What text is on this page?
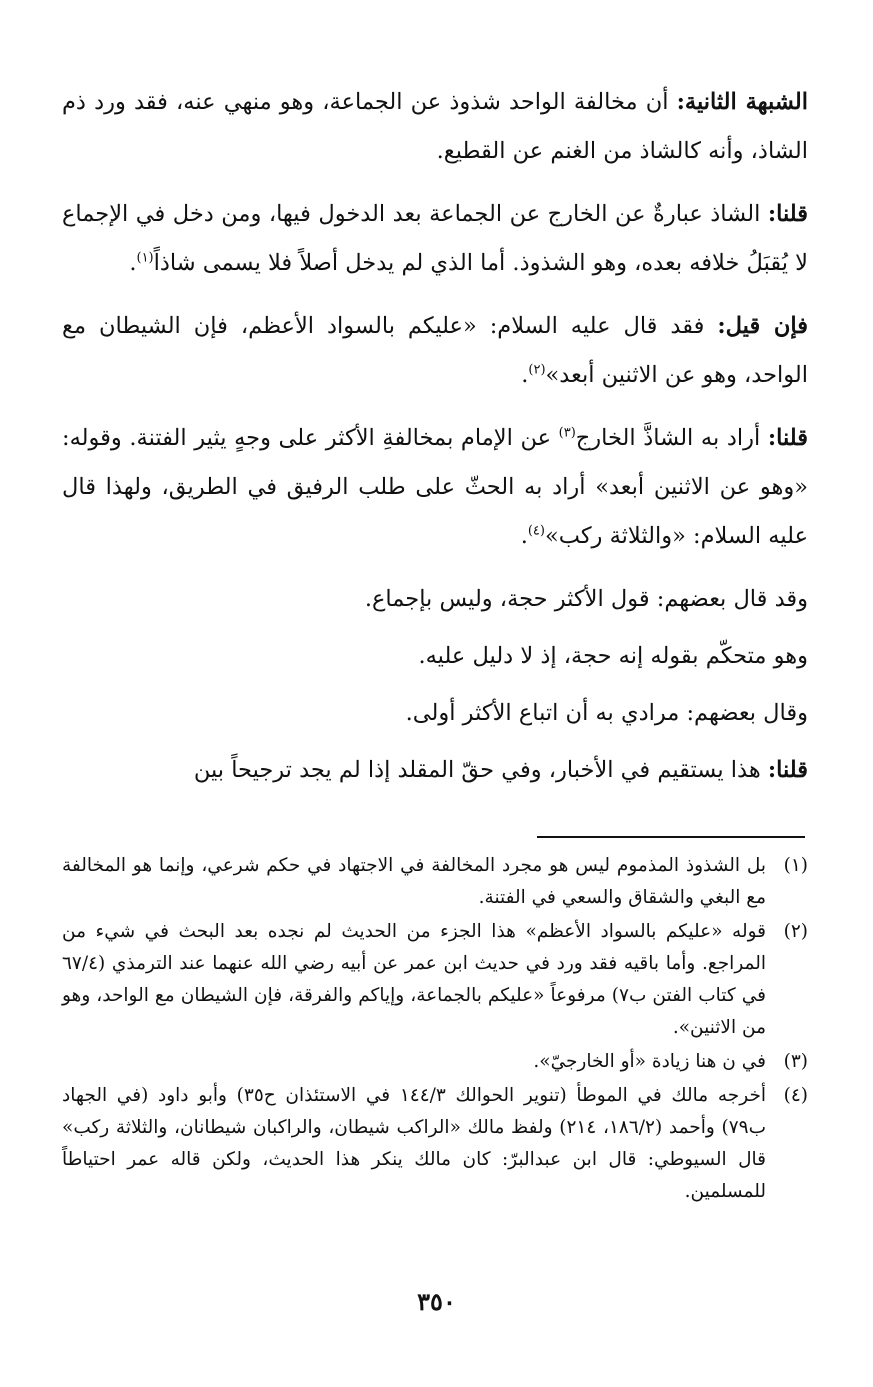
الشبهة الثانية: أن مخالفة الواحد شذوذ عن الجماعة، وهو منهي عنه، فقد ورد ذم الشاذ، وأنه كالشاذ من الغنم عن القطيع.

قلنا: الشاذ عبارةٌ عن الخارج عن الجماعة بعد الدخول فيها، ومن دخل في الإجماع لا يُقبَلُ خلافه بعده، وهو الشذوذ. أما الذي لم يدخل أصلاً فلا يسمى شاذاً$^{(١)}$.

فإن قيل: فقد قال عليه السلام: «عليكم بالسواد الأعظم، فإن الشيطان مع الواحد، وهو عن الاثنين أبعد»$^{(٢)}$.

قلنا: أراد به الشاذَّ الخارج$^{(٣)}$ عن الإمام بمخالفةِ الأكثر على وجهٍ يثير الفتنة. وقوله: «وهو عن الاثنين أبعد» أراد به الحثّ على طلب الرفيق في الطريق، ولهذا قال عليه السلام: «والثلاثة ركب»$^{(٤)}$.

وقد قال بعضهم: قول الأكثر حجة، وليس بإجماع.

وهو متحكّم بقوله إنه حجة، إذ لا دليل عليه.

وقال بعضهم: مرادي به أن اتباع الأكثر أولى.

قلنا: هذا يستقيم في الأخبار، وفي حقّ المقلد إذا لم يجد ترجيحاً بين

(١)
بل الشذوذ المذموم ليس هو مجرد المخالفة في الاجتهاد في حكم شرعي، وإنما هو المخالفة مع البغي والشقاق والسعي في الفتنة.
(٢)
قوله «عليكم بالسواد الأعظم» هذا الجزء من الحديث لم نجده بعد البحث في شيء من المراجع. وأما باقيه فقد ورد في حديث ابن عمر عن أبيه رضي الله عنهما عند الترمذي (٦٧/٤ في كتاب الفتن ب٧) مرفوعاً «عليكم بالجماعة، وإياكم والفرقة، فإن الشيطان مع الواحد، وهو من الاثنين».
(٣)
في ن هنا زيادة «أو الخارجيّ».
(٤)
أخرجه مالك في الموطأ (تنوير الحوالك ١٤٤/٣ في الاستئذان ح٣٥) وأبو داود (في الجهاد ب٧٩) وأحمد (١٨٦/٢، ٢١٤) ولفظ مالك «الراكب شيطان، والراكبان شيطانان، والثلاثة ركب» قال السيوطي: قال ابن عبدالبرّ: كان مالك ينكر هذا الحديث، ولكن قاله عمر احتياطاً للمسلمين.
٣٥٠
